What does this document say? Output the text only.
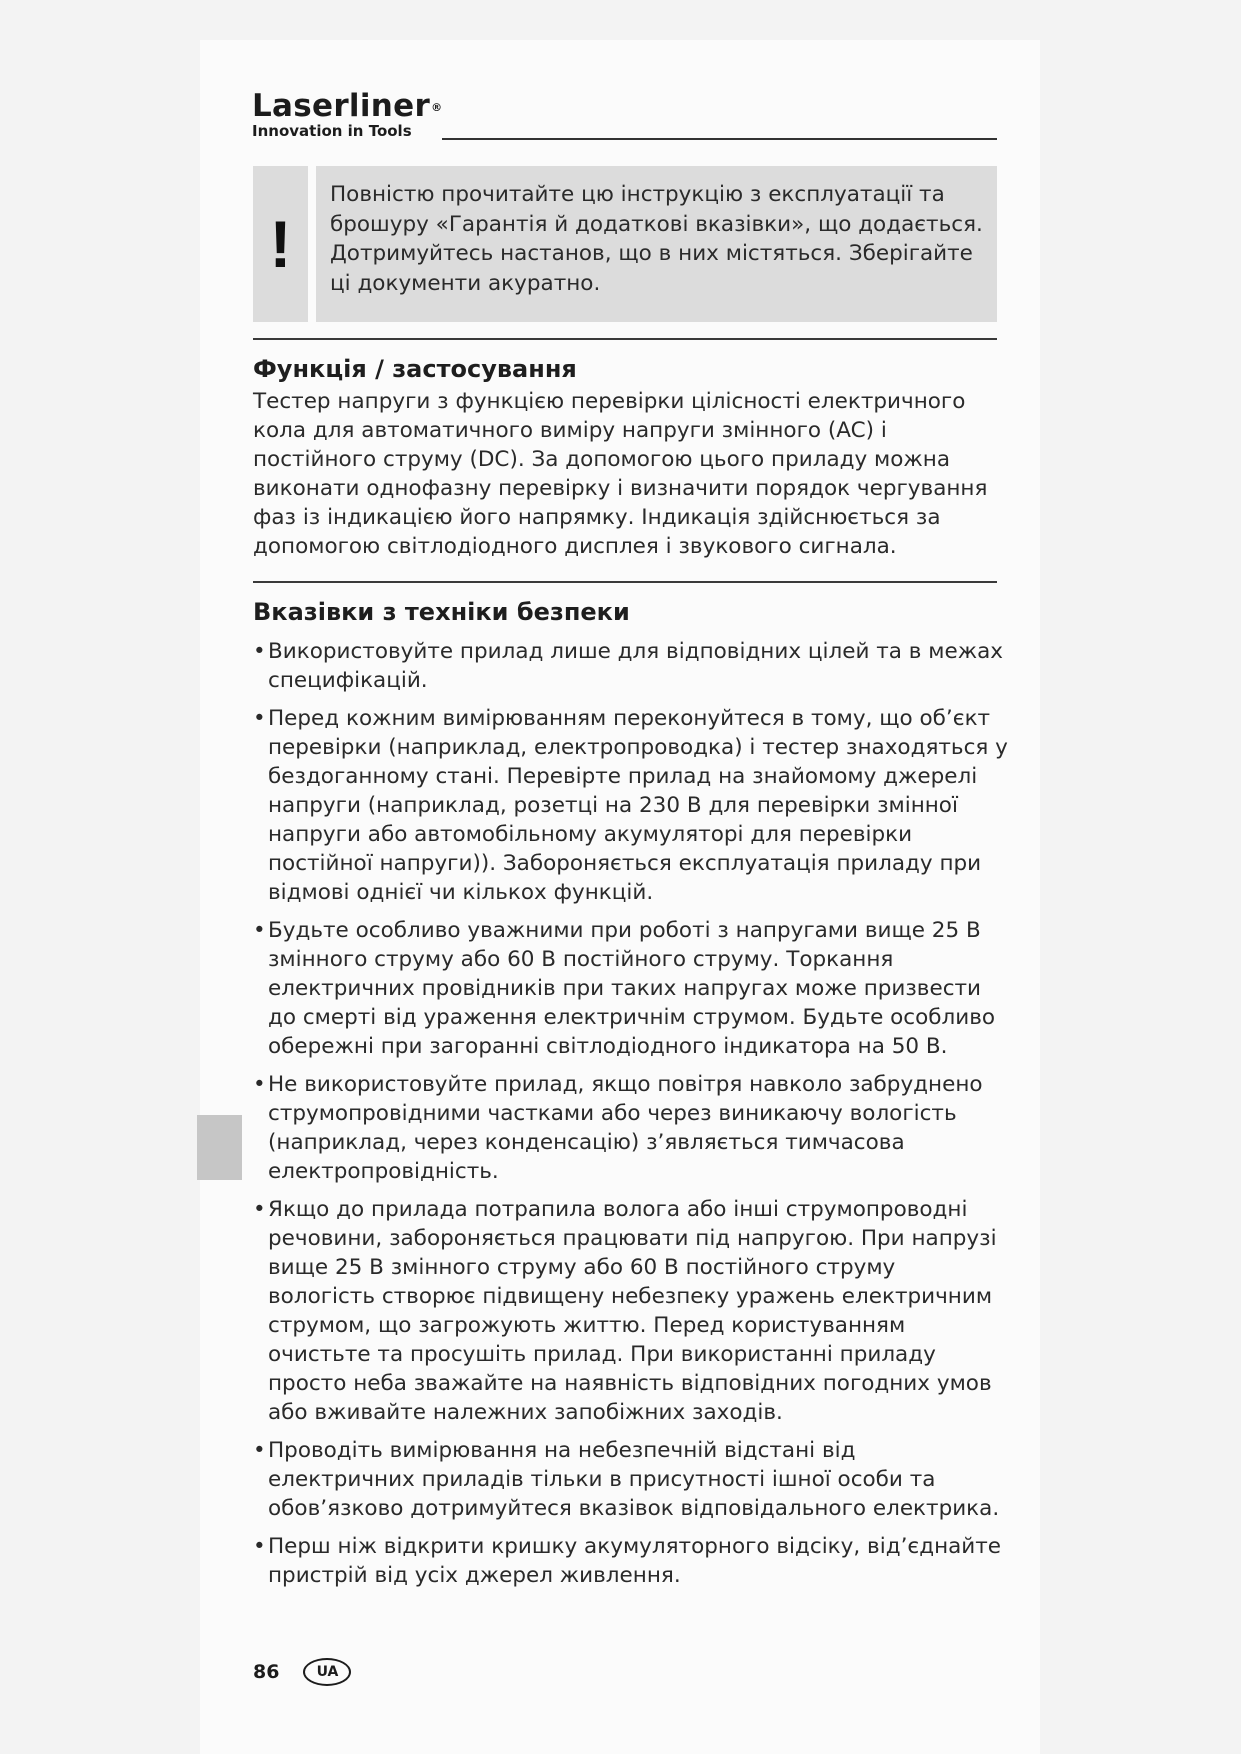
Laserliner®
Innovation in Tools
!
Повністю прочитайте цю інструкцію з експлуатації та брошуру «Гарантія й додаткові вказівки», що додається. Дотримуйтесь настанов, що в них містяться. Зберігайте ці документи акуратно.
Функція / застосування

Тестер напруги з функцією перевірки цілісності електричного кола для автоматичного виміру напруги змінного (AC) і постійного струму (DC). За допомогою цього приладу можна виконати однофазну перевірку і визначити порядок чергування фаз із індикацією його напрямку. Індикація здійснюється за допомогою світлодіодного дисплея і звукового сигнала.

Вказівки з техніки безпеки
• Використовуйте прилад лише для відповідних цілей та в межах специфікацій.
• Перед кожним вимірюванням переконуйтеся в тому, що об’єкт перевірки (наприклад, електропроводка) і тестер знаходяться у бездоганному стані. Перевірте прилад на знайомому джерелі напруги (наприклад, розетці на 230 В для перевірки змінної напруги або автомобільному акумуляторі для перевірки постійної напруги)). Забороняється експлуатація приладу при відмові однієї чи кількох функцій.
• Будьте особливо уважними при роботі з напругами вище 25 В змінного струму або 60 В постійного струму. Торкання електричних провідників при таких напругах може призвести до смерті від ураження електричнім струмом. Будьте особливо обережні при загоранні світлодіодного індикатора на 50 В.
• Не використовуйте прилад, якщо повітря навколо забруднено струмопровідними частками або через виникаючу вологість (наприклад, через конденсацію) з’являється тимчасова електропровідність.
• Якщо до прилада потрапила волога або інші струмопроводні речовини, забороняється працювати під напругою. При напрузі вище 25 В змінного струму або 60 В постійного струму вологість створює підвищену небезпеку уражень електричним струмом, що загрожують життю. Перед користуванням очистьте та просушіть прилад. При використанні приладу просто неба зважайте на наявність відповідних погодних умов або вживайте належних запобіжних заходів.
• Проводіть вимірювання на небезпечній відстані від електричних приладів тільки в присутності ішної особи та обов’язково дотримуйтеся вказівок відповідального електрика.
• Перш ніж відкрити кришку акумуляторного відсіку, від’єднайте пристрій від усіх джерел живлення.
86	UA
